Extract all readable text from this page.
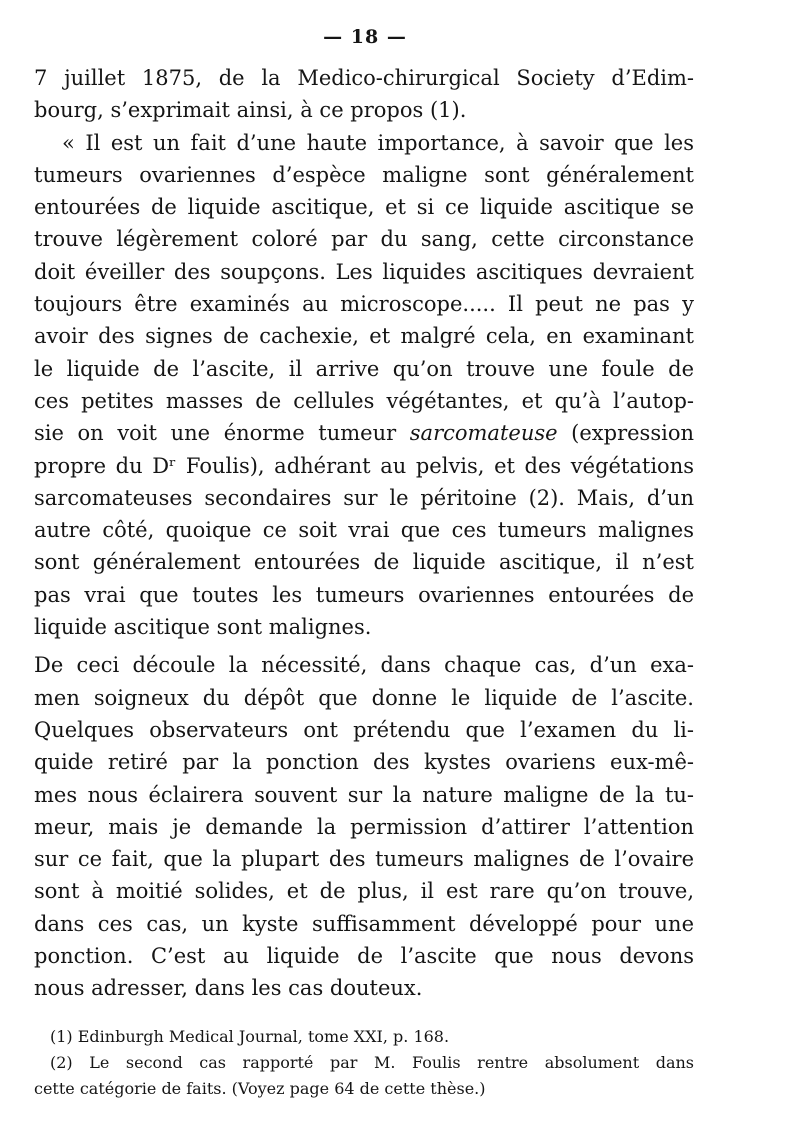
— 18 —
7 juillet 1875, de la Medico-chirurgical Society d’Edim-
bourg, s’exprimait ainsi, à ce propos (1).
« Il est un fait d’une haute importance, à savoir que les
tumeurs ovariennes d’espèce maligne sont généralement
entourées de liquide ascitique, et si ce liquide ascitique se
trouve légèrement coloré par du sang, cette circonstance
doit éveiller des soupçons. Les liquides ascitiques devraient
toujours être examinés au microscope..... Il peut ne pas y
avoir des signes de cachexie, et malgré cela, en examinant
le liquide de l’ascite, il arrive qu’on trouve une foule de
ces petites masses de cellules végétantes, et qu’à l’autop-
sie on voit une énorme tumeur sarcomateuse (expression
propre du Dʳ Foulis), adhérant au pelvis, et des végétations
sarcomateuses secondaires sur le péritoine (2). Mais, d’un
autre côté, quoique ce soit vrai que ces tumeurs malignes
sont généralement entourées de liquide ascitique, il n’est
pas vrai que toutes les tumeurs ovariennes entourées de
liquide ascitique sont malignes.
De ceci découle la nécessité, dans chaque cas, d’un exa-
men soigneux du dépôt que donne le liquide de l’ascite.
Quelques observateurs ont prétendu que l’examen du li-
quide retiré par la ponction des kystes ovariens eux-mê-
mes nous éclairera souvent sur la nature maligne de la tu-
meur, mais je demande la permission d’attirer l’attention
sur ce fait, que la plupart des tumeurs malignes de l’ovaire
sont à moitié solides, et de plus, il est rare qu’on trouve,
dans ces cas, un kyste suffisamment développé pour une
ponction. C’est au liquide de l’ascite que nous devons
nous adresser, dans les cas douteux.
(1) Edinburgh Medical Journal, tome XXI, p. 168.
(2) Le second cas rapporté par M. Foulis rentre absolument dans
cette catégorie de faits. (Voyez page 64 de cette thèse.)
